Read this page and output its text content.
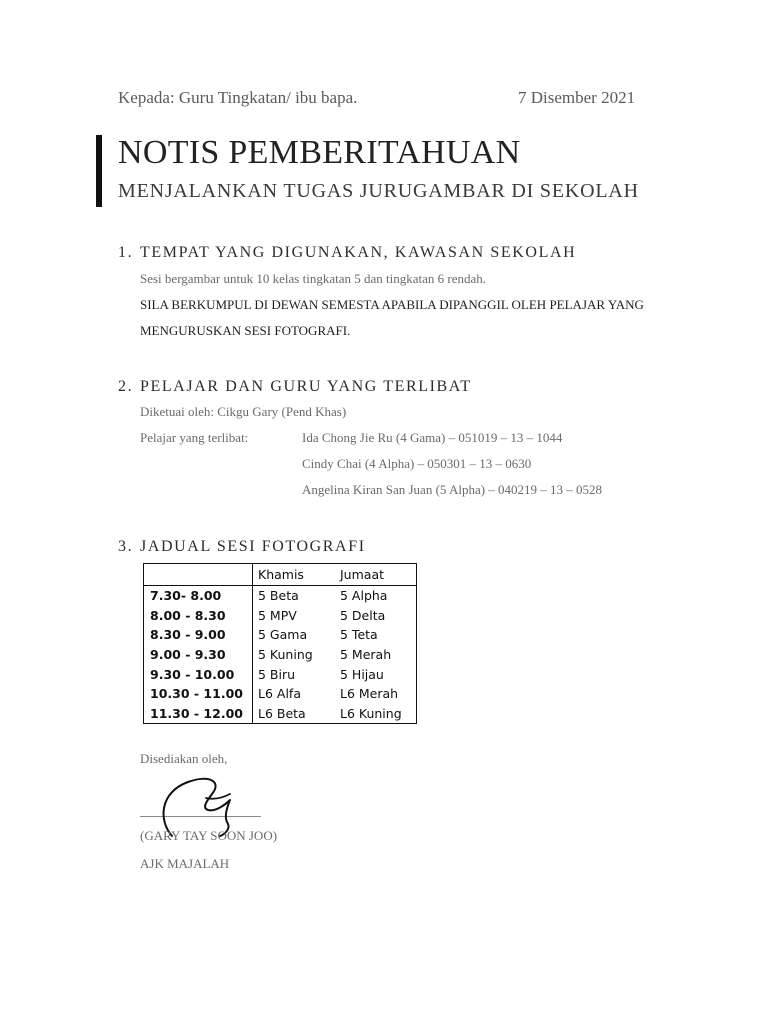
Kepada: Guru Tingkatan/ ibu bapa.	7 Disember 2021
NOTIS PEMBERITAHUAN
MENJALANKAN TUGAS JURUGAMBAR DI SEKOLAH
1. TEMPAT YANG DIGUNAKAN, KAWASAN SEKOLAH
Sesi bergambar untuk 10 kelas tingkatan 5 dan tingkatan 6 rendah.
SILA BERKUMPUL DI DEWAN SEMESTA APABILA DIPANGGIL OLEH PELAJAR YANG
MENGURUSKAN SESI FOTOGRAFI.
2. PELAJAR DAN GURU YANG TERLIBAT
Diketuai oleh: Cikgu Gary (Pend Khas)
Pelajar yang terlibat:	Ida Chong Jie Ru (4 Gama) – 051019 – 13 – 1044
Cindy Chai (4 Alpha) – 050301 – 13 – 0630
Angelina Kiran San Juan (5 Alpha) – 040219 – 13 – 0528
3. JADUAL SESI FOTOGRAFI
	Khamis	Jumaat
7.30- 8.00	5 Beta	5 Alpha
8.00 - 8.30	5 MPV	5 Delta
8.30 - 9.00	5 Gama	5 Teta
9.00 - 9.30	5 Kuning	5 Merah
9.30 - 10.00	5 Biru	5 Hijau
10.30 - 11.00	L6 Alfa	L6 Merah
11.30 - 12.00	L6 Beta	L6 Kuning
Disediakan oleh,
(GARY TAY SOON JOO)
AJK MAJALAH
